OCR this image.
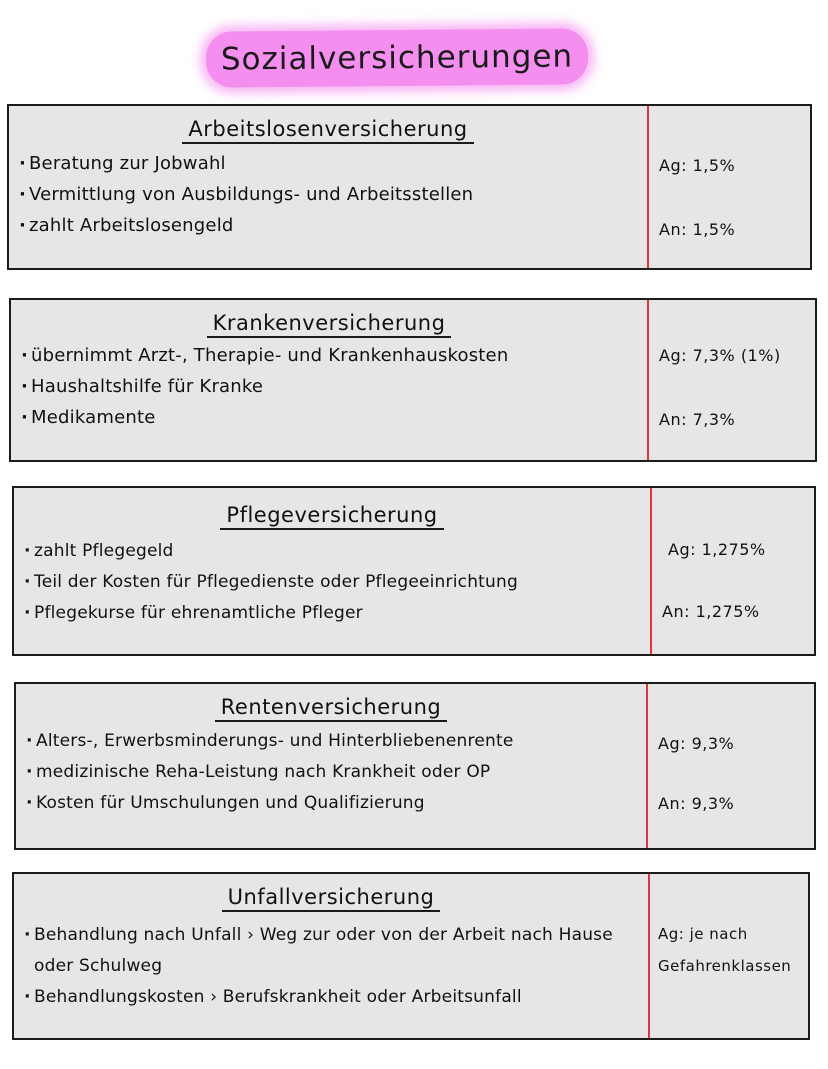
Sozialversicherungen
Arbeitslosenversicherung
· Beratung zur Jobwahl
· Vermittlung von Ausbildungs- und Arbeitsstellen
· zahlt Arbeitslosengeld
Ag: 1,5%
An: 1,5%
Krankenversicherung
· übernimmt Arzt-, Therapie- und Krankenhauskosten
· Haushaltshilfe für Kranke
· Medikamente
Ag: 7,3% (1%)
An: 7,3%
Pflegeversicherung
· zahlt Pflegegeld
· Teil der Kosten für Pflegedienste oder Pflegeeinrichtung
· Pflegekurse für ehrenamtliche Pfleger
Ag: 1,275%
An: 1,275%
Rentenversicherung
· Alters-, Erwerbsminderungs- und Hinterbliebenenrente
· medizinische Reha-Leistung nach Krankheit oder OP
· Kosten für Umschulungen und Qualifizierung
Ag: 9,3%
An: 9,3%
Unfallversicherung
· Behandlung nach Unfall › Weg zur oder von der Arbeit nach Hause oder Schulweg
· Behandlungskosten › Berufskrankheit oder Arbeitsunfall
Ag: je nach
Gefahrenklassen
